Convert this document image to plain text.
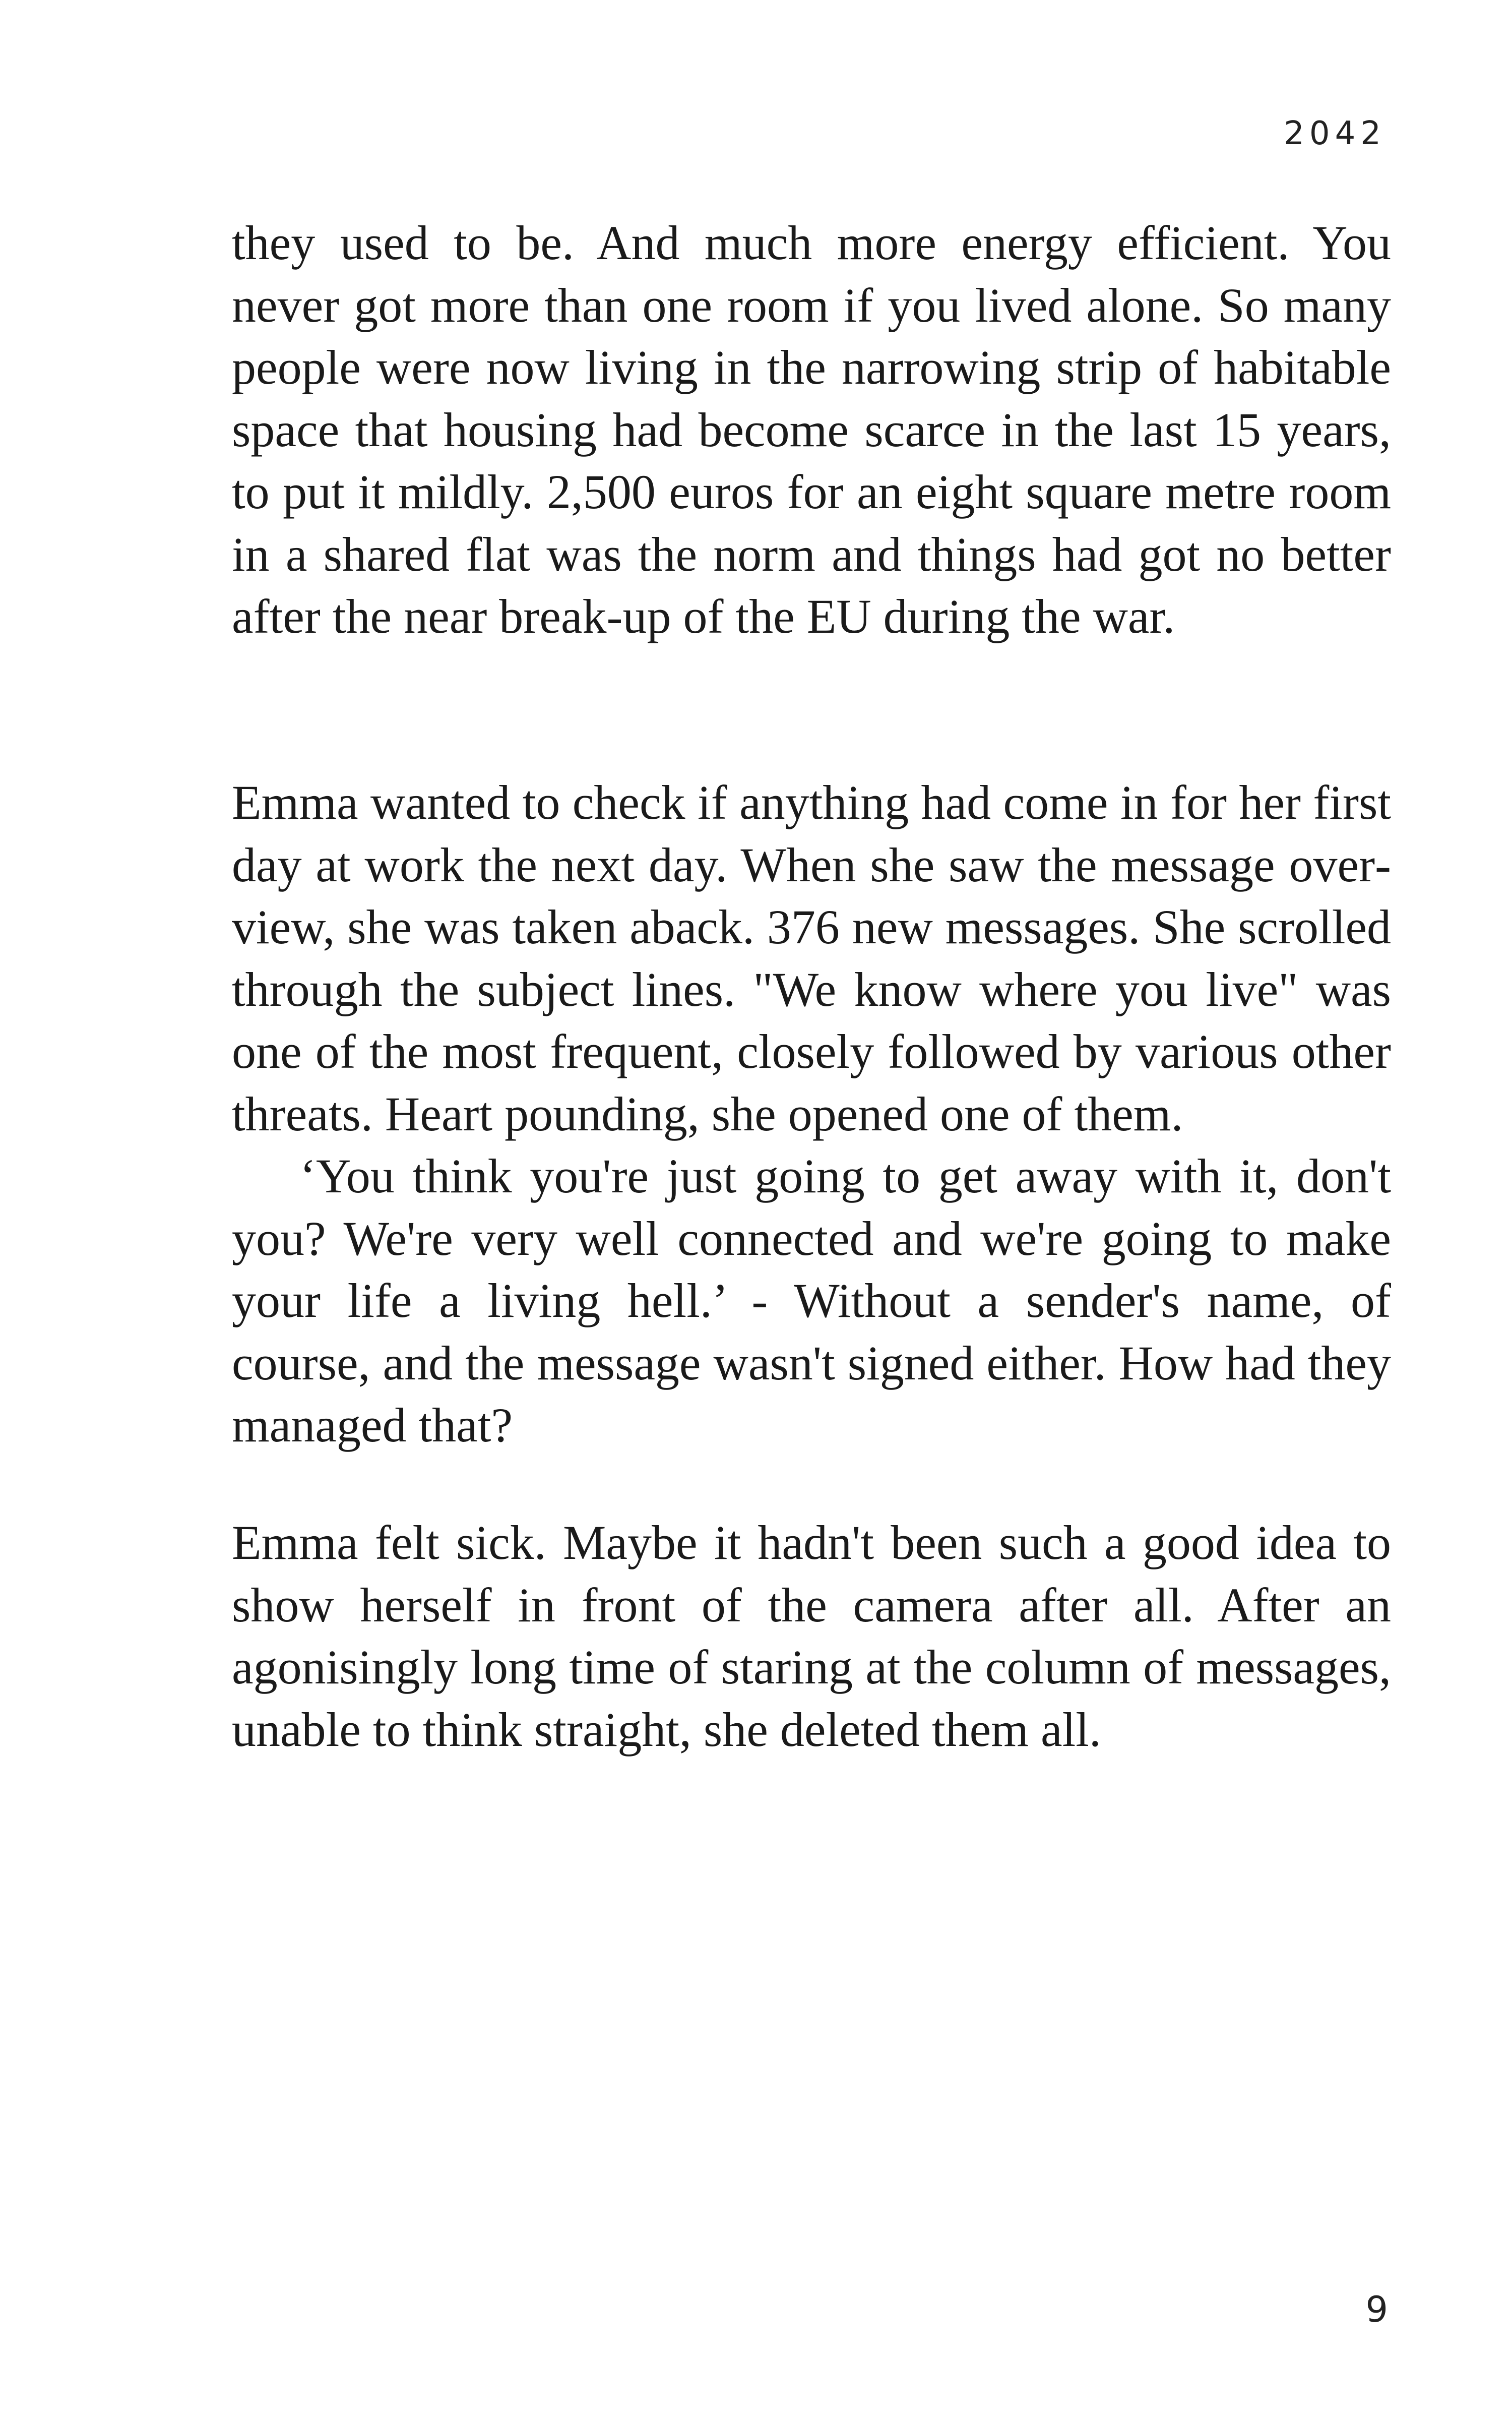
2042

they used to be. And much more energy efficient. You never got more than one room if you lived alone. So many people were now living in the narrowing strip of habitable space that housing had become scarce in the last 15 years, to put it mildly. 2,500 euros for an eight square metre room in a shared flat was the norm and things had got no better after the near break-up of the EU during the war.

Emma wanted to check if anything had come in for her first day at work the next day. When she saw the message overview, she was taken aback. 376 new messages. She scrolled through the subject lines. "We know where you live" was one of the most frequent, closely followed by various other threats. Heart pounding, she opened one of them.

‘You think you're just going to get away with it, don't you? We're very well connected and we're going to make your life a living hell.’ - Without a sender's name, of course, and the message wasn't signed either. How had they managed that?

Emma felt sick. Maybe it hadn't been such a good idea to show herself in front of the camera after all. After an agonisingly long time of staring at the column of messages, unable to think straight, she deleted them all.

9
